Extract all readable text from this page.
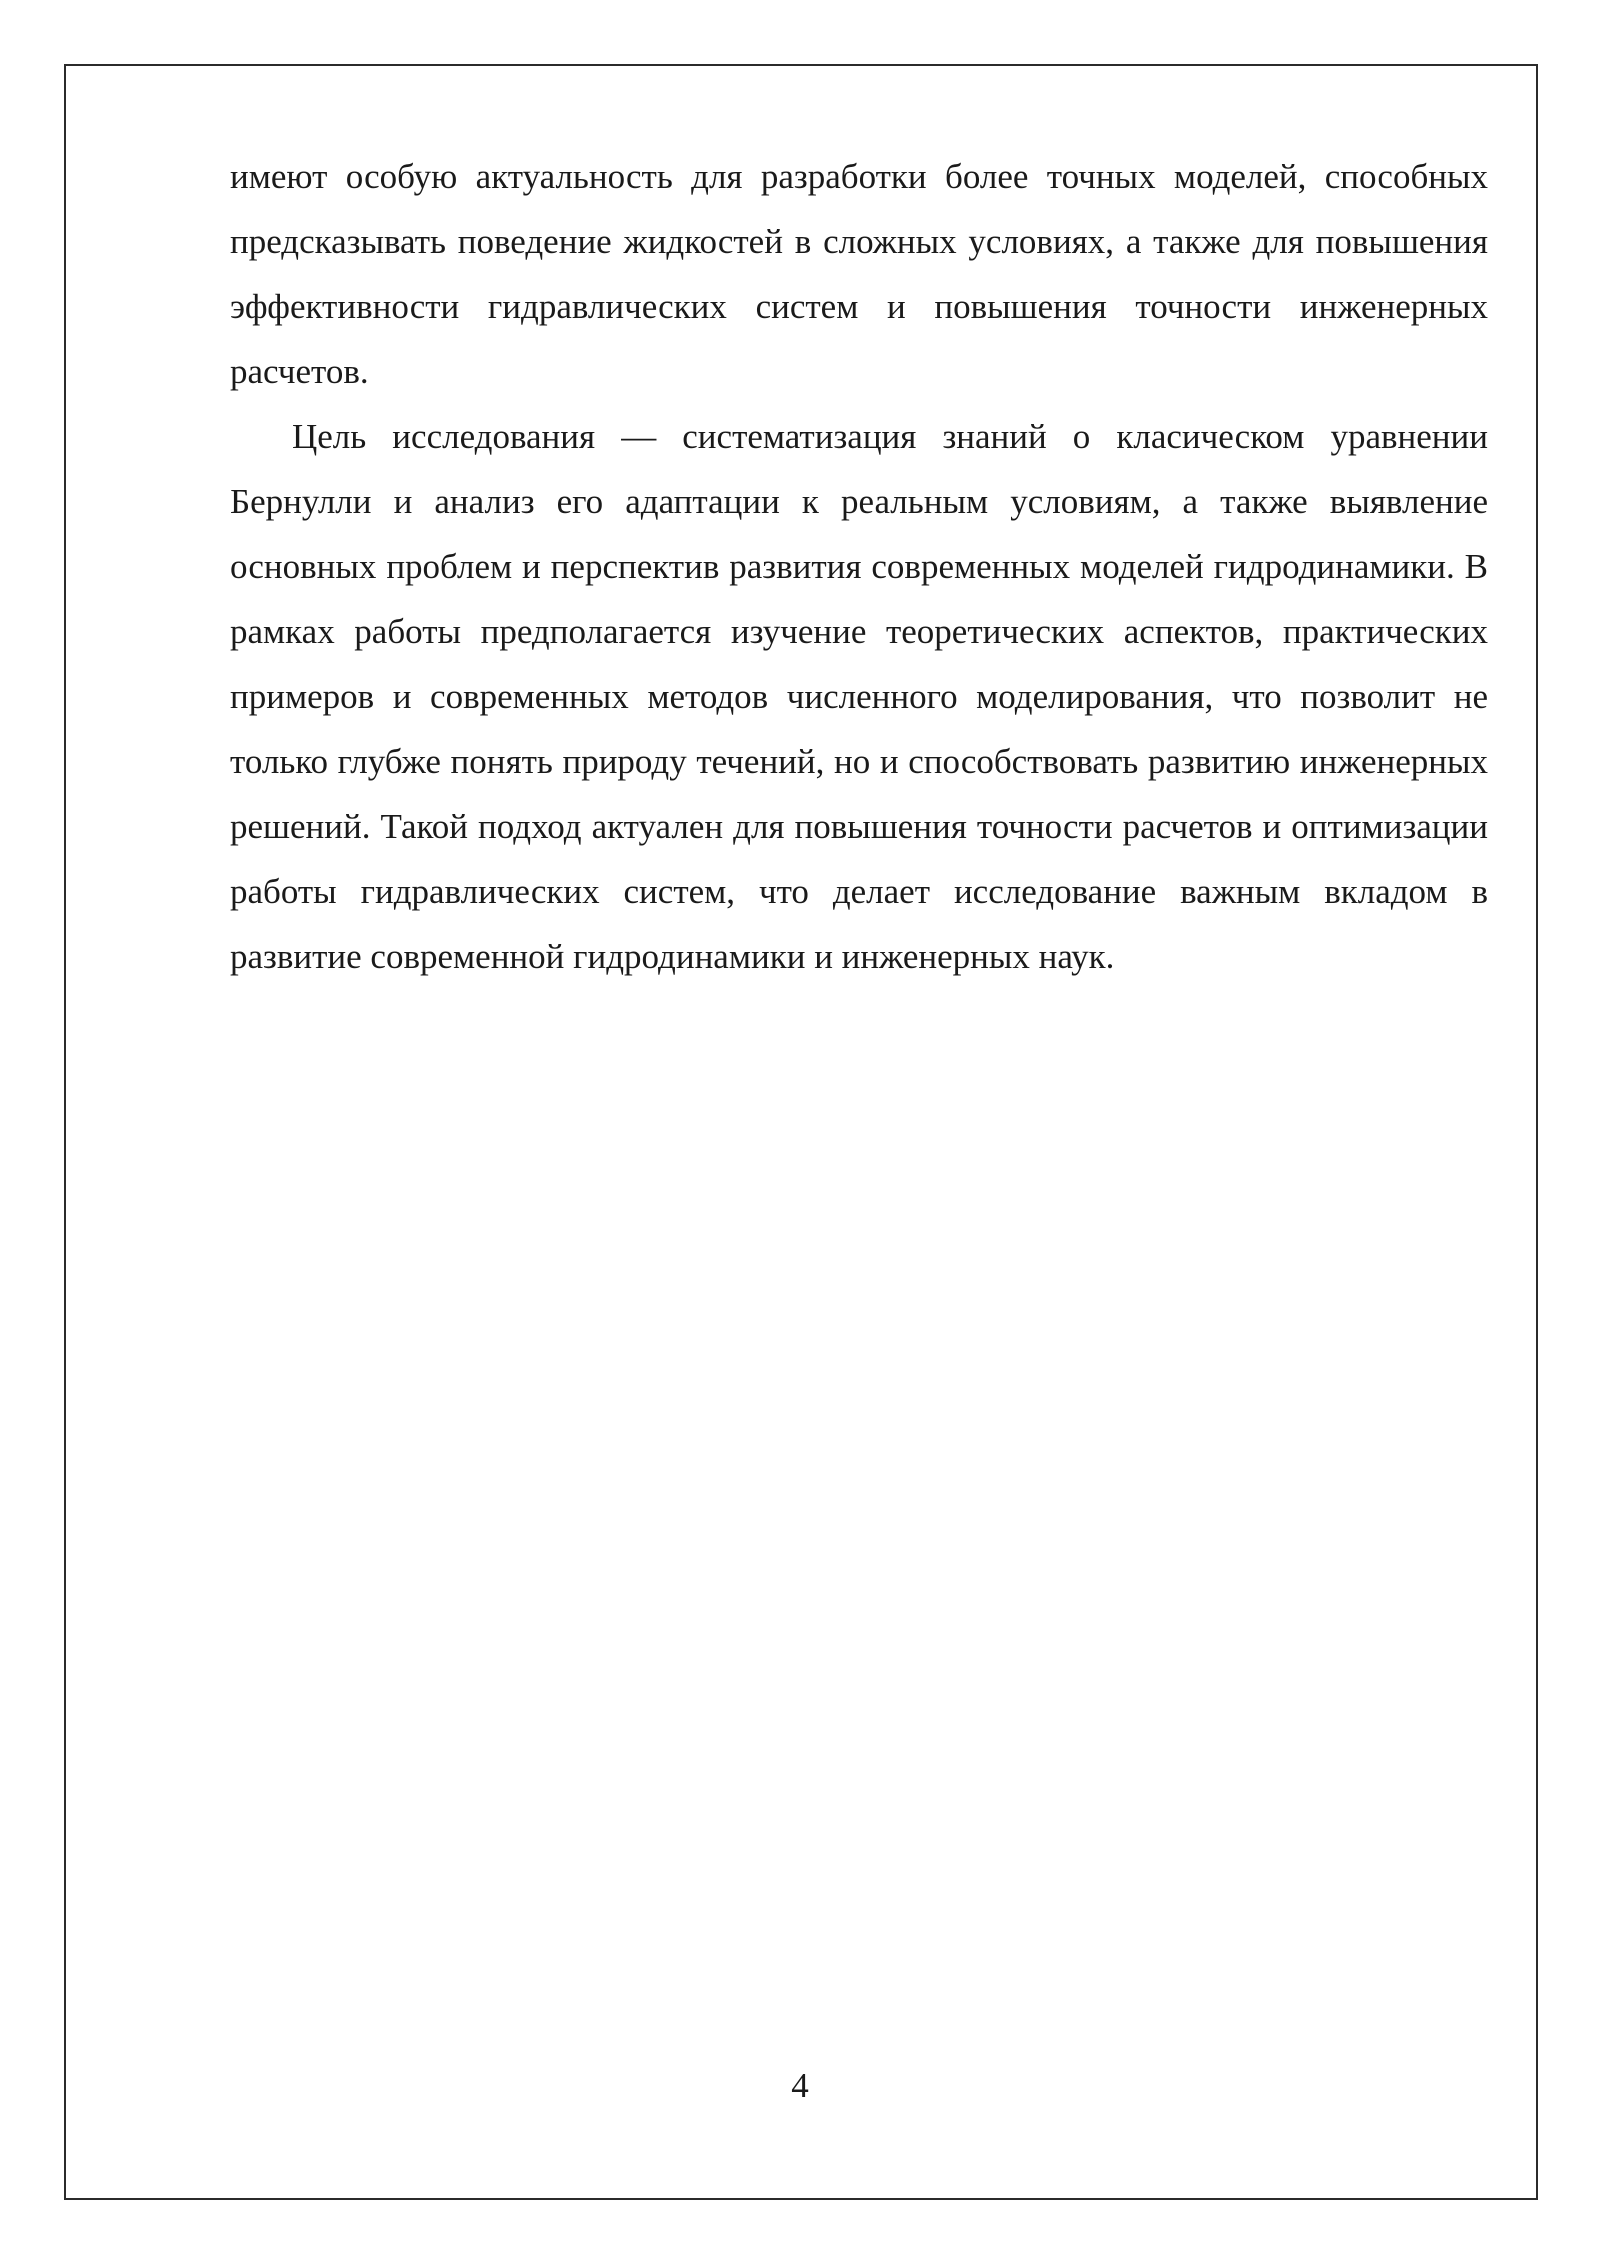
имеют особую актуальность для разработки более точных моделей, способных предсказывать поведение жидкостей в сложных условиях, а также для повышения эффективности гидравлических систем и повышения точности инженерных расчетов.

Цель исследования — систематизация знаний о класическом уравнении Бернулли и анализ его адаптации к реальным условиям, а также выявление основных проблем и перспектив развития современных моделей гидродинамики. В рамках работы предполагается изучение теоретических аспектов, практических примеров и современных методов численного моделирования, что позволит не только глубже понять природу течений, но и способствовать развитию инженерных решений. Такой подход актуален для повышения точности расчетов и оптимизации работы гидравлических систем, что делает исследование важным вкладом в развитие современной гидродинамики и инженерных наук.

4
